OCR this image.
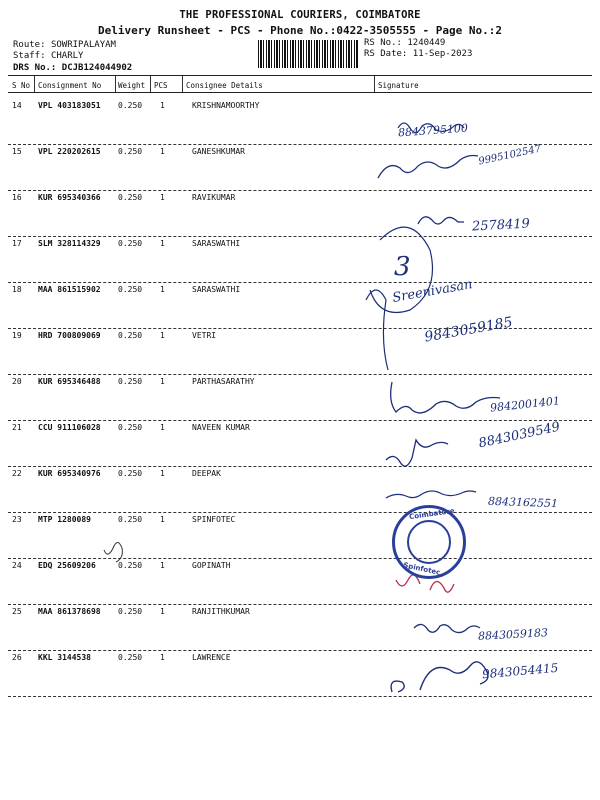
THE PROFESSIONAL COURIERS, COIMBATORE
Delivery Runsheet - PCS - Phone No.:0422-3505555 - Page No.:2
Route: SOWRIPALAYAM
Staff: CHARLY
DRS No.: DCJB124044902
RS No.: 1240449
RS Date: 11-Sep-2023
S No Consignment No Weight PCS Consignee Details	Signature
14 VPL 403183051 0.250 1	KRISHNAMOORTHY
15 VPL 220202615 0.250 1	GANESHKUMAR
16 KUR 695340366 0.250 1	RAVIKUMAR
17 SLM 328114329 0.250 1	SARASWATHI
18 MAA 861515902 0.250 1	SARASWATHI
19 HRD 700809069 0.250 1	VETRI
20 KUR 695346488 0.250 1	PARTHASARATHY
21 CCU 911106028 0.250 1	NAVEEN KUMAR
22 KUR 695340976 0.250 1	DEEPAK
23 MTP 1280089	0.250 1	SPINFOTEC
24 EDQ 25609206	0.250 1	GOPINATH
25 MAA 861378698 0.250 1	RANJITHKUMAR
26 KKL 3144538	0.250 1	LAWRENCE
8843795100
9995102547
2578419
3
Sreenivasan
9843059185
9842001401
8843039549
8843162551
8843059183
9843054415
Coimbatore
Spinfotec
